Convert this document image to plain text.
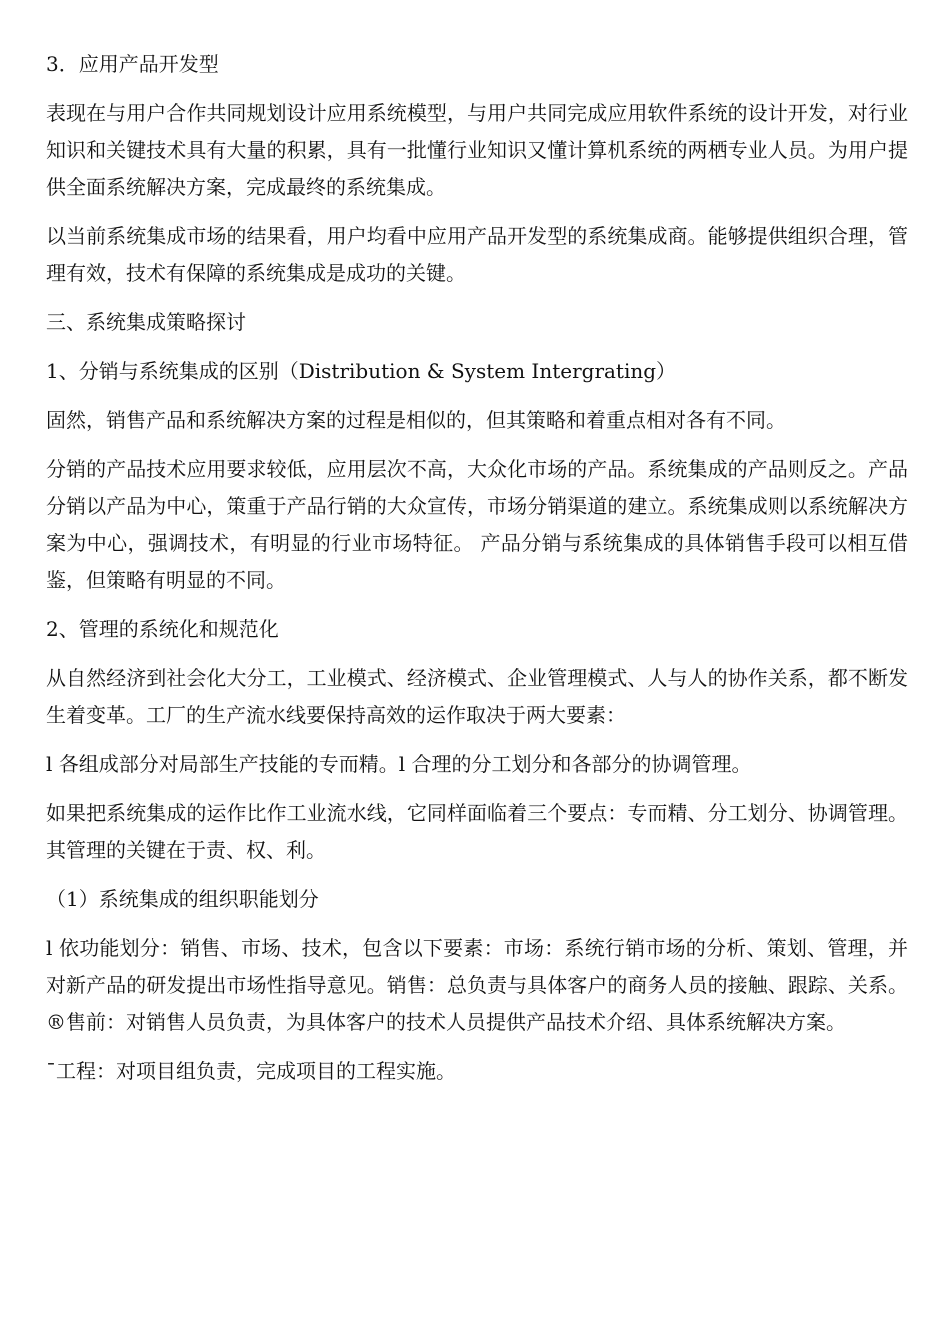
3．应用产品开发型

表现在与用户合作共同规划设计应用系统模型，与用户共同完成应用软件系统的设计开发，对行业知识和关键技术具有大量的积累，具有一批懂行业知识又懂计算机系统的两栖专业人员。为用户提供全面系统解决方案，完成最终的系统集成。

以当前系统集成市场的结果看，用户均看中应用产品开发型的系统集成商。能够提供组织合理，管理有效，技术有保障的系统集成是成功的关键。

三、系统集成策略探讨

1、分销与系统集成的区别（Distribution & System Intergrating）

固然，销售产品和系统解决方案的过程是相似的，但其策略和着重点相对各有不同。

分销的产品技术应用要求较低，应用层次不高，大众化市场的产品。系统集成的产品则反之。产品分销以产品为中心，策重于产品行销的大众宣传，市场分销渠道的建立。系统集成则以系统解决方案为中心，强调技术，有明显的行业市场特征。 产品分销与系统集成的具体销售手段可以相互借鉴，但策略有明显的不同。

2、管理的系统化和规范化

从自然经济到社会化大分工，工业模式、经济模式、企业管理模式、人与人的协作关系，都不断发生着变革。工厂的生产流水线要保持高效的运作取决于两大要素：

l 各组成部分对局部生产技能的专而精。l 合理的分工划分和各部分的协调管理。

如果把系统集成的运作比作工业流水线，它同样面临着三个要点：专而精、分工划分、协调管理。其管理的关键在于责、权、利。

（1）系统集成的组织职能划分

l 依功能划分：销售、市场、技术，包含以下要素：市场：系统行销市场的分析、策划、管理，并对新产品的研发提出市场性指导意见。销售：总负责与具体客户的商务人员的接触、跟踪、关系。®售前：对销售人员负责，为具体客户的技术人员提供产品技术介绍、具体系统解决方案。

¯工程：对项目组负责，完成项目的工程实施。
